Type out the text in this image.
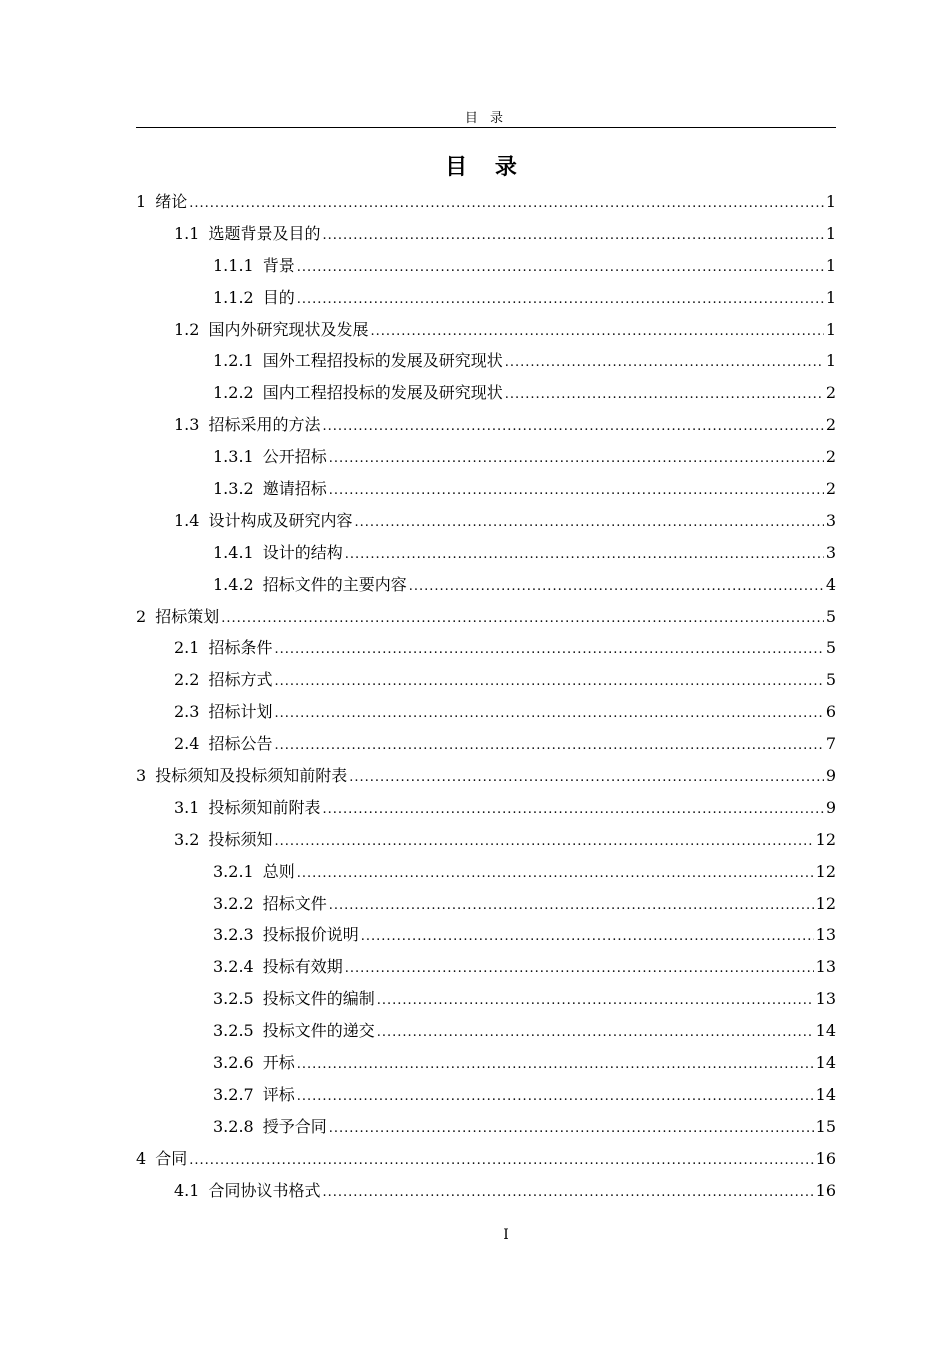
目 录
目 录
1 绪论 .....	1
1.1 选题背景及目的 .....	1
1.1.1 背景 .....	1
1.1.2 目的 .....	1
1.2 国内外研究现状及发展 .....	1
1.2.1 国外工程招投标的发展及研究现状 .....	1
1.2.2 国内工程招投标的发展及研究现状 .....	2
1.3 招标采用的方法 .....	2
1.3.1 公开招标 .....	2
1.3.2 邀请招标 .....	2
1.4 设计构成及研究内容 .....	3
1.4.1 设计的结构 .....	3
1.4.2 招标文件的主要内容 .....	4
2 招标策划 .....	5
2.1 招标条件 .....	5
2.2 招标方式 .....	5
2.3 招标计划 .....	6
2.4 招标公告 .....	7
3 投标须知及投标须知前附表 .....	9
3.1 投标须知前附表 .....	9
3.2 投标须知 .....	12
3.2.1 总则 .....	12
3.2.2 招标文件 .....	12
3.2.3 投标报价说明 .....	13
3.2.4 投标有效期 .....	13
3.2.5 投标文件的编制 .....	13
3.2.5 投标文件的递交 .....	14
3.2.6 开标 .....	14
3.2.7 评标 .....	14
3.2.8 授予合同 .....	15
4 合同 .....	16
4.1 合同协议书格式 .....	16
I
